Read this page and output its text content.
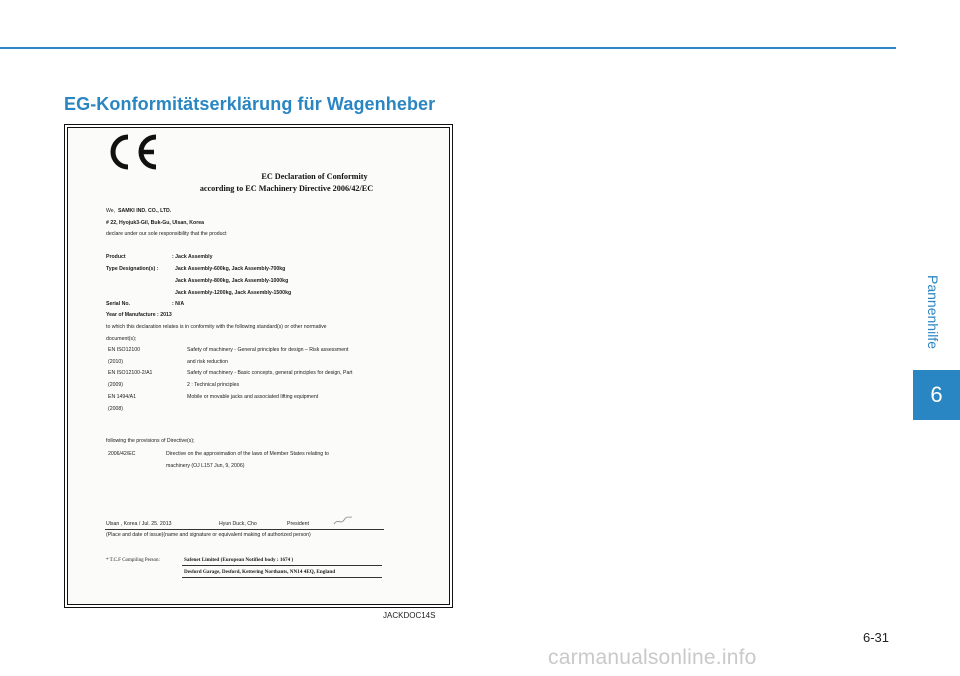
EG-Konformitätserklärung für Wagenheber
Pannenhilfe
6
EC Declaration of Conformity
according to EC Machinery Directive 2006/42/EC
We, SAMKI IND. CO., LTD.
# 22, Hyojuk3-Gil, Buk-Gu, Ulsan, Korea
declare under our sole responsibility that the product
Product	: Jack Assembly
Type Designation(s) :	Jack Assembly-600kg, Jack Assembly-700kg
Jack Assembly-800kg, Jack Assembly-1000kg
Jack Assembly-1200kg, Jack Assembly-1500kg
Serial No.	: N/A
Year of Manufacture : 2013
to which this declaration relates is in conformity with the following standard(s) or other normative
document(s);
EN ISO12100	Safety of machinery - General principles for design – Risk assessment
(2010)	and risk reduction
EN ISO12100-2/A1	Safety of machinery - Basic concepts, general principles for design, Part
(2009)	2 : Technical principles
EN 1494/A1	Mobile or movable jacks and associated lifting equipment
(2008)
following the provisions of Directive(s);
2006/42/EC	Directive on the approximation of the laws of Member States relating to
machinery (OJ L157 Jun, 9, 2006)
Ulsan , Korea / Jul. 25. 2013	Hyun Duck, Cho	President
(Place and date of issue)(name and signature or equivalent making of authorized person)
* T.C.F Compiling Person:	Safenet Limited (European Notified body : 1674 )
Desford Garage, Desford, Kettering Northants, NN14 4EQ, England
JACKDOC14S
6-31
carmanualsonline.info
